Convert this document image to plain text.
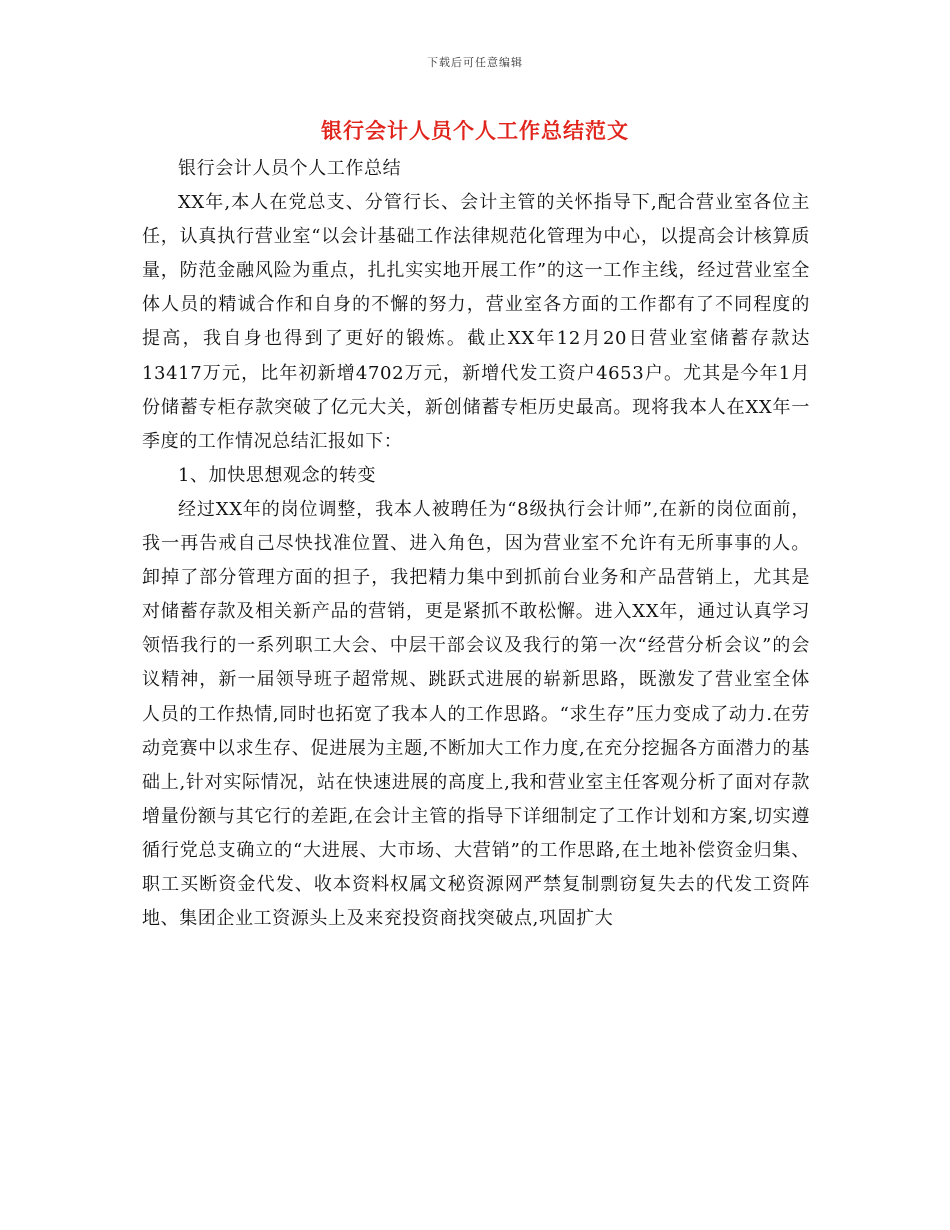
下载后可任意编辑
银行会计人员个人工作总结范文

银行会计人员个人工作总结

XX年,本人在党总支、分管行长、会计主管的关怀指导下,配合营业室各位主任，认真执行营业室“以会计基础工作法律规范化管理为中心，以提高会计核算质量，防范金融风险为重点，扎扎实实地开展工作”的这一工作主线，经过营业室全体人员的精诚合作和自身的不懈的努力，营业室各方面的工作都有了不同程度的提高，我自身也得到了更好的锻炼。截止XX年12月20日营业室储蓄存款达13417万元，比年初新增4702万元，新增代发工资户4653户。尤其是今年1月份储蓄专柜存款突破了亿元大关，新创储蓄专柜历史最高。现将我本人在XX年一季度的工作情况总结汇报如下：

1、加快思想观念的转变

经过XX年的岗位调整，我本人被聘任为“8级执行会计师”,在新的岗位面前，我一再告戒自己尽快找准位置、进入角色，因为营业室不允许有无所事事的人。卸掉了部分管理方面的担子，我把精力集中到抓前台业务和产品营销上，尤其是对储蓄存款及相关新产品的营销，更是紧抓不敢松懈。进入XX年，通过认真学习领悟我行的一系列职工大会、中层干部会议及我行的第一次“经营分析会议”的会议精神，新一届领导班子超常规、跳跃式进展的崭新思路，既激发了营业室全体人员的工作热情,同时也拓宽了我本人的工作思路。“求生存”压力变成了动力.在劳动竞赛中以求生存、促进展为主题,不断加大工作力度,在充分挖掘各方面潜力的基础上,针对实际情况，站在快速进展的高度上,我和营业室主任客观分析了面对存款增量份额与其它行的差距,在会计主管的指导下详细制定了工作计划和方案,切实遵循行党总支确立的“大进展、大市场、大营销”的工作思路,在土地补偿资金归集、职工买断资金代发、收本资料权属文秘资源网严禁复制剽窃复失去的代发工资阵地、集团企业工资源头上及来兖投资商找突破点,巩固扩大
